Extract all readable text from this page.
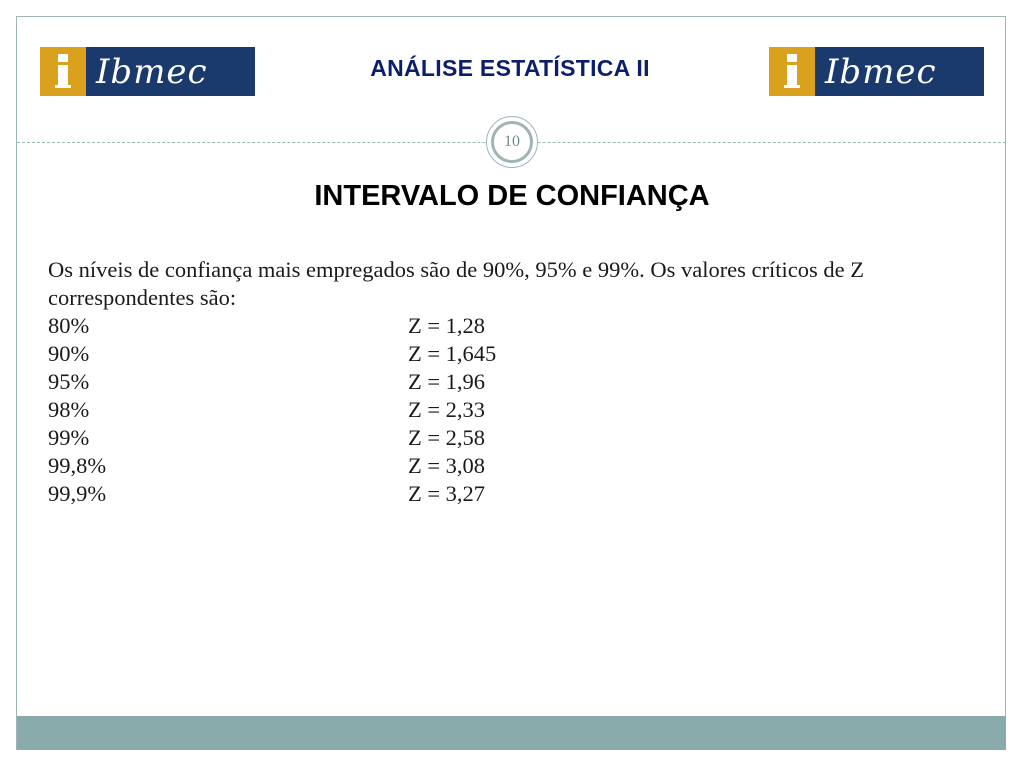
Ibmec	ANÁLISE ESTATÍSTICA II	Ibmec
10
INTERVALO DE CONFIANÇA
Os níveis de confiança mais empregados são de 90%, 95% e 99%. Os valores críticos de Z
correspondentes são:
80%	Z = 1,28
90%	Z = 1,645
95%	Z = 1,96
98%	Z = 2,33
99%	Z = 2,58
99,8%	Z = 3,08
99,9%	Z = 3,27
